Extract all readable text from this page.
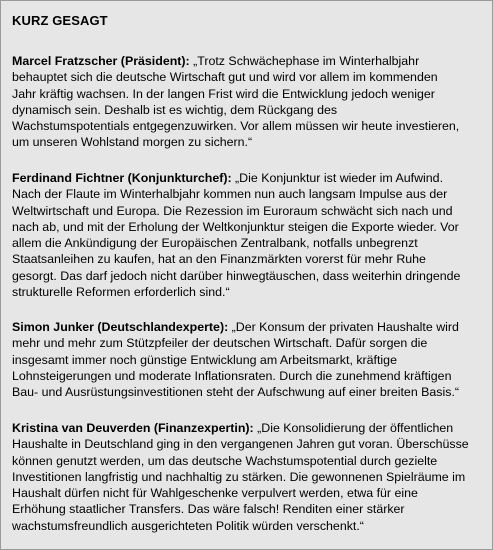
KURZ GESAGT

Marcel Fratzscher (Präsident): „Trotz Schwächephase im Winterhalbjahr
behauptet sich die deutsche Wirtschaft gut und wird vor allem im kommenden
Jahr kräftig wachsen. In der langen Frist wird die Entwicklung jedoch weniger
dynamisch sein. Deshalb ist es wichtig, dem Rückgang des
Wachstumspotentials entgegenzuwirken. Vor allem müssen wir heute investieren,
um unseren Wohlstand morgen zu sichern.“

Ferdinand Fichtner (Konjunkturchef): „Die Konjunktur ist wieder im Aufwind.
Nach der Flaute im Winterhalbjahr kommen nun auch langsam Impulse aus der
Weltwirtschaft und Europa. Die Rezession im Euroraum schwächt sich nach und
nach ab, und mit der Erholung der Weltkonjunktur steigen die Exporte wieder. Vor
allem die Ankündigung der Europäischen Zentralbank, notfalls unbegrenzt
Staatsanleihen zu kaufen, hat an den Finanzmärkten vorerst für mehr Ruhe
gesorgt. Das darf jedoch nicht darüber hinwegtäuschen, dass weiterhin dringende
strukturelle Reformen erforderlich sind.“

Simon Junker (Deutschlandexperte): „Der Konsum der privaten Haushalte wird
mehr und mehr zum Stützpfeiler der deutschen Wirtschaft. Dafür sorgen die
insgesamt immer noch günstige Entwicklung am Arbeitsmarkt, kräftige
Lohnsteigerungen und moderate Inflationsraten. Durch die zunehmend kräftigen
Bau- und Ausrüstungsinvestitionen steht der Aufschwung auf einer breiten Basis.“

Kristina van Deuverden (Finanzexpertin): „Die Konsolidierung der öffentlichen
Haushalte in Deutschland ging in den vergangenen Jahren gut voran. Überschüsse
können genutzt werden, um das deutsche Wachstumspotential durch gezielte
Investitionen langfristig und nachhaltig zu stärken. Die gewonnenen Spielräume im
Haushalt dürfen nicht für Wahlgeschenke verpulvert werden, etwa für eine
Erhöhung staatlicher Transfers. Das wäre falsch! Renditen einer stärker
wachstumsfreundlich ausgerichteten Politik würden verschenkt.“
